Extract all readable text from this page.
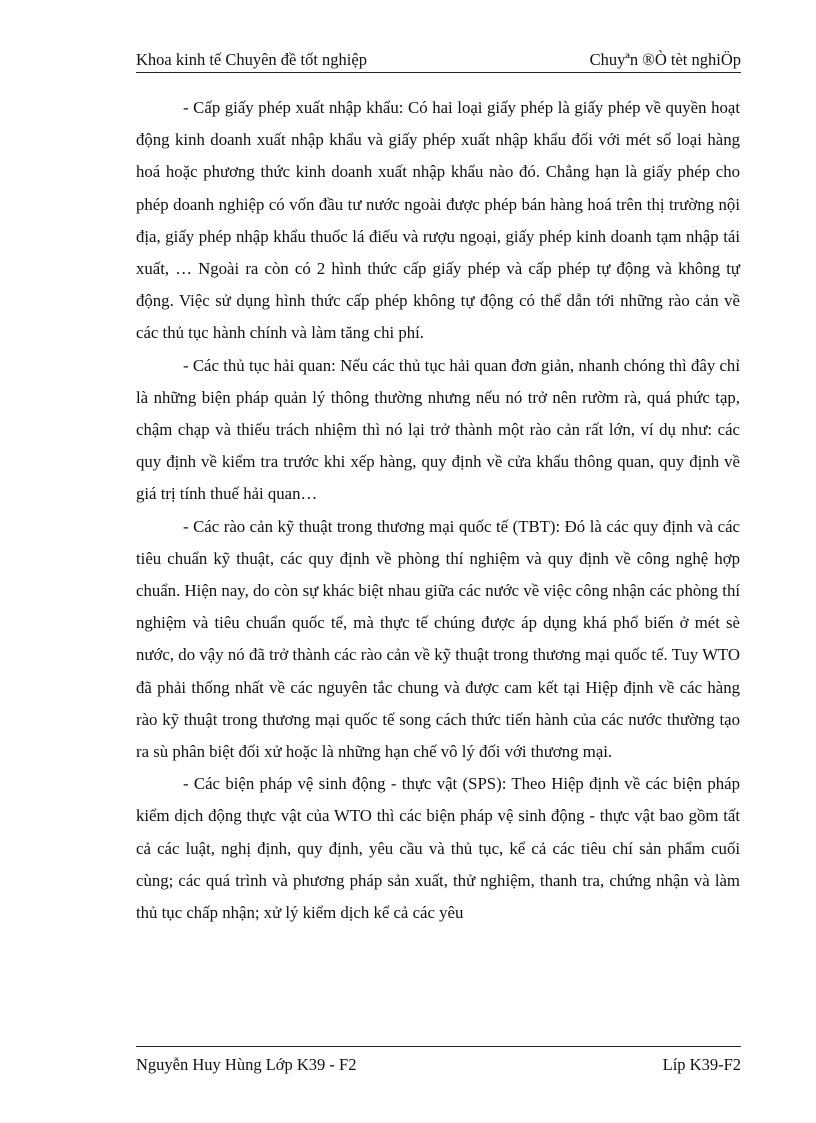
Khoa kinh tế Chuyên đề tốt nghiệp	Chuyªn ®Ò tèt nghiÖp

- Cấp giấy phép xuất nhập khẩu: Có hai loại giấy phép là giấy phép về quyền hoạt động kinh doanh xuất nhập khẩu và giấy phép xuất nhập khẩu đối với mét số loại hàng hoá hoặc phương thức kinh doanh xuất nhập khẩu nào đó. Chẳng hạn là giấy phép cho phép doanh nghiệp có vốn đầu tư nước ngoài được phép bán hàng hoá trên thị trường nội địa, giấy phép nhập khẩu thuốc lá điếu và rượu ngoại, giấy phép kinh doanh tạm nhập tái xuất, … Ngoài ra còn có 2 hình thức cấp giấy phép và cấp phép tự động và không tự động. Việc sử dụng hình thức cấp phép không tự động có thể dẫn tới những rào cản về các thủ tục hành chính và làm tăng chi phí.

- Các thủ tục hải quan: Nếu các thủ tục hải quan đơn giản, nhanh chóng thì đây chỉ là những biện pháp quản lý thông thường nhưng nếu nó trở nên rườm rà, quá phức tạp, chậm chạp và thiếu trách nhiệm thì nó lại trở thành một rào cản rất lớn, ví dụ như: các quy định về kiểm tra trước khi xếp hàng, quy định về cửa khẩu thông quan, quy định về giá trị tính thuế hải quan…

- Các rào cản kỹ thuật trong thương mại quốc tế (TBT): Đó là các quy định và các tiêu chuẩn kỹ thuật, các quy định về phòng thí nghiệm và quy định về công nghệ hợp chuẩn. Hiện nay, do còn sự khác biệt nhau giữa các nước về việc công nhận các phòng thí nghiệm và tiêu chuẩn quốc tế, mà thực tế chúng được áp dụng khá phổ biến ở mét sè nước, do vậy nó đã trở thành các rào cản về kỹ thuật trong thương mại quốc tế. Tuy WTO đã phải thống nhất về các nguyên tắc chung và được cam kết tại Hiệp định về các hàng rào kỹ thuật trong thương mại quốc tế song cách thức tiến hành của các nước thường tạo ra sù phân biệt đối xử hoặc là những hạn chế vô lý đối với thương mại.

- Các biện pháp vệ sinh động - thực vật (SPS): Theo Hiệp định về các biện pháp kiểm dịch động thực vật của WTO thì các biện pháp vệ sinh động - thực vật bao gồm tất cả các luật, nghị định, quy định, yêu cầu và thủ tục, kể cả các tiêu chí sản phẩm cuối cùng; các quá trình và phương pháp sản xuất, thử nghiệm, thanh tra, chứng nhận và làm thủ tục chấp nhận; xử lý kiểm dịch kể cả các yêu

Nguyễn Huy Hùng Lớp K39 - F2	Líp K39-F2
